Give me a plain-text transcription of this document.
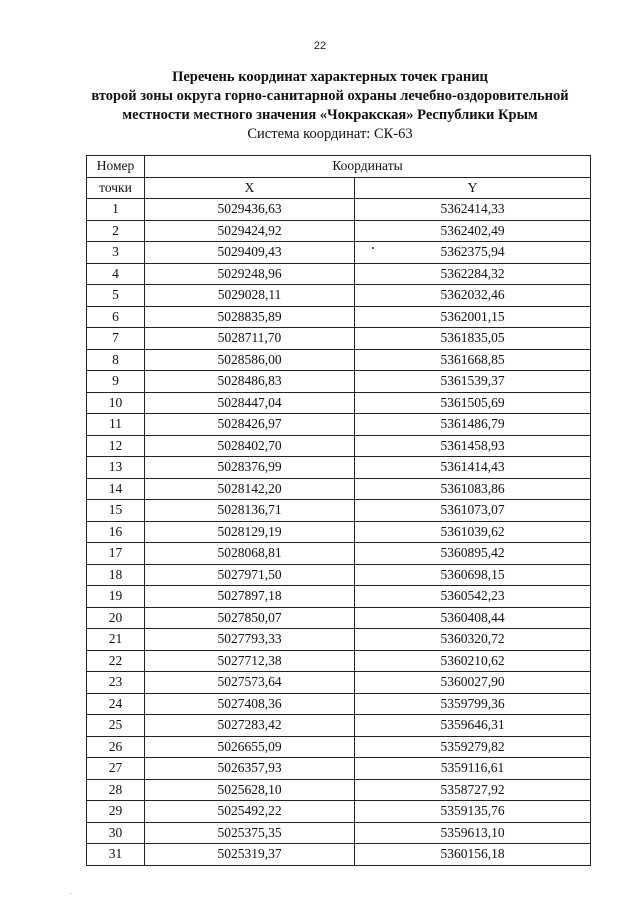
22
Перечень координат характерных точек границ
второй зоны округа горно-санитарной охраны лечебно-оздоровительной
местности местного значения «Чокракская» Республики Крым
Система координат: СК-63
Номер	Координаты	
точки	X	Y
1	5029436,63	5362414,33
2	5029424,92	5362402,49
3	5029409,43	5362375,94
4	5029248,96	5362284,32
5	5029028,11	5362032,46
6	5028835,89	5362001,15
7	5028711,70	5361835,05
8	5028586,00	5361668,85
9	5028486,83	5361539,37
10	5028447,04	5361505,69
11	5028426,97	5361486,79
12	5028402,70	5361458,93
13	5028376,99	5361414,43
14	5028142,20	5361083,86
15	5028136,71	5361073,07
16	5028129,19	5361039,62
17	5028068,81	5360895,42
18	5027971,50	5360698,15
19	5027897,18	5360542,23
20	5027850,07	5360408,44
21	5027793,33	5360320,72
22	5027712,38	5360210,62
23	5027573,64	5360027,90
24	5027408,36	5359799,36
25	5027283,42	5359646,31
26	5026655,09	5359279,82
27	5026357,93	5359116,61
28	5025628,10	5358727,92
29	5025492,22	5359135,76
30	5025375,35	5359613,10
31	5025319,37	5360156,18
